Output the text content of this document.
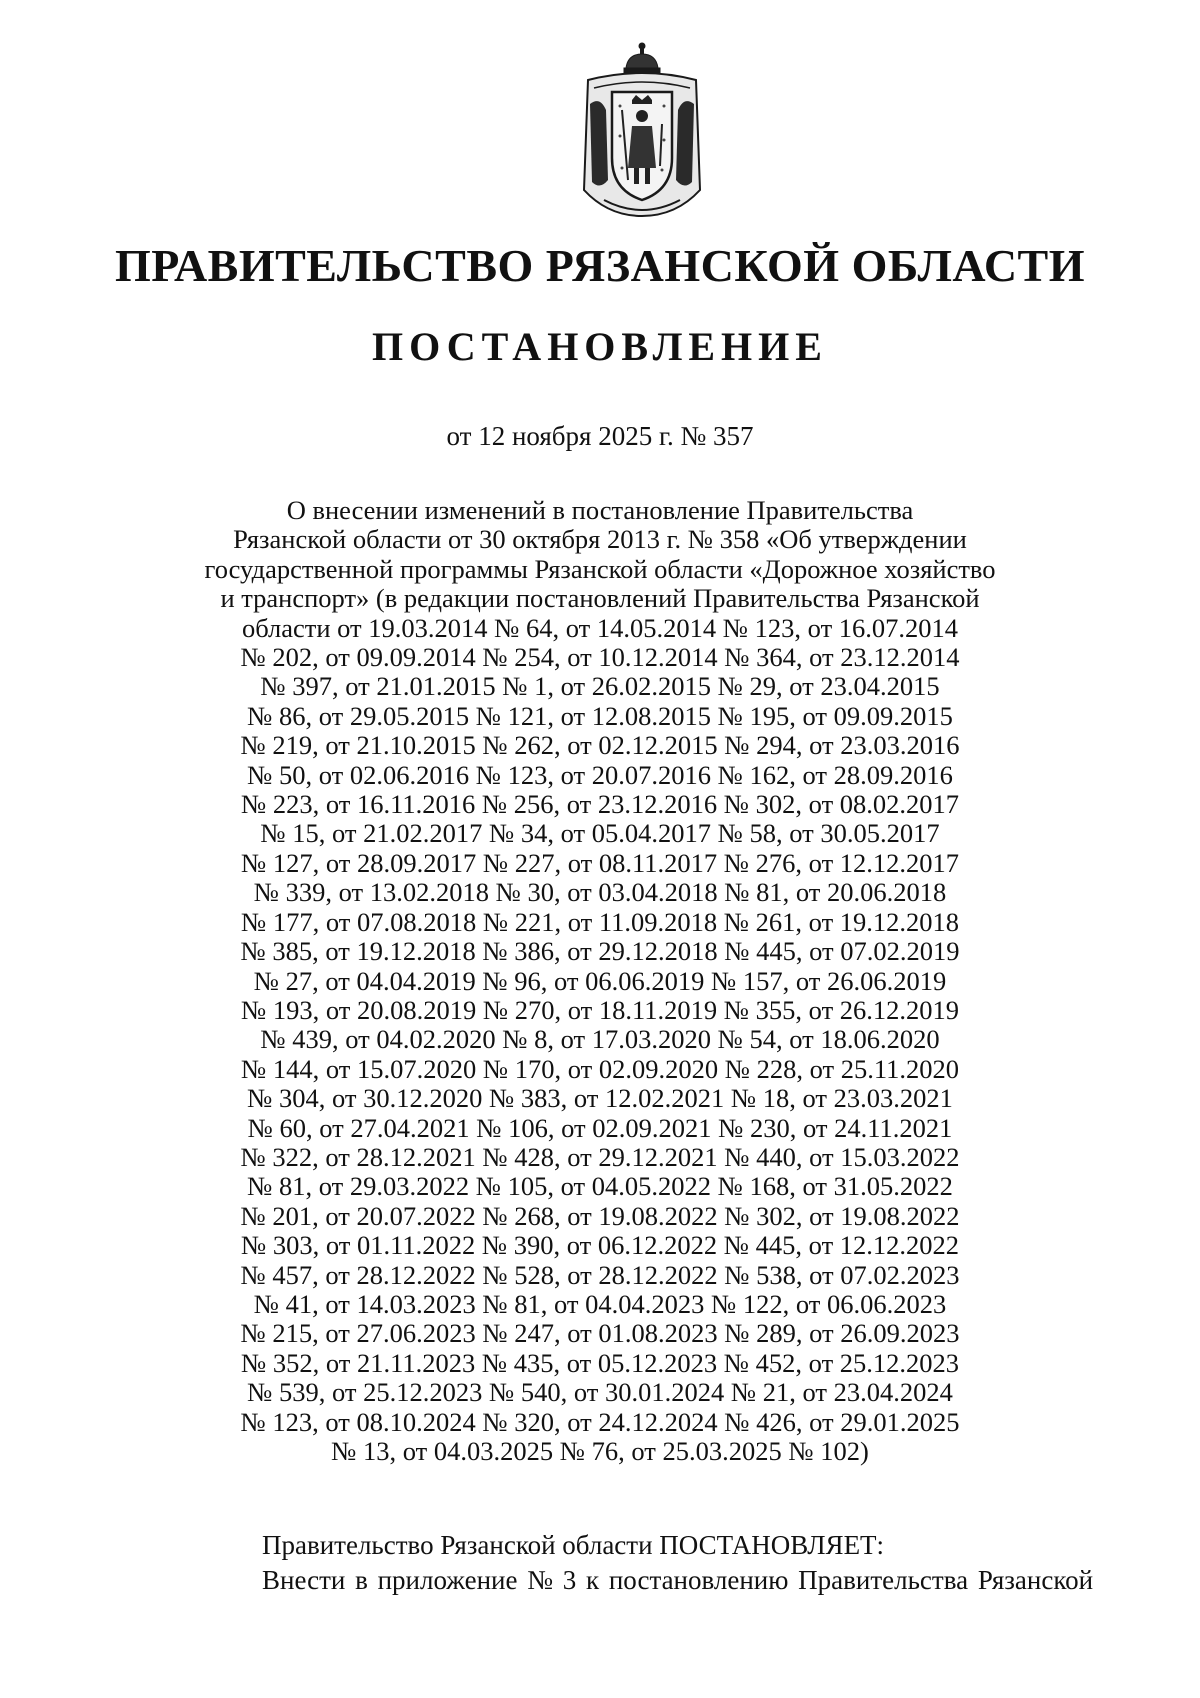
ПРАВИТЕЛЬСТВО РЯЗАНСКОЙ ОБЛАСТИ
ПОСТАНОВЛЕНИЕ
от 12 ноября 2025 г. № 357
О внесении изменений в постановление Правительства
Рязанской области от 30 октября 2013 г. № 358 «Об утверждении
государственной программы Рязанской области «Дорожное хозяйство
и транспорт» (в редакции постановлений Правительства Рязанской
области от 19.03.2014 № 64, от 14.05.2014 № 123, от 16.07.2014
№ 202, от 09.09.2014 № 254, от 10.12.2014 № 364, от 23.12.2014
№ 397, от 21.01.2015 № 1, от 26.02.2015 № 29, от 23.04.2015
№ 86, от 29.05.2015 № 121, от 12.08.2015 № 195, от 09.09.2015
№ 219, от 21.10.2015 № 262, от 02.12.2015 № 294, от 23.03.2016
№ 50, от 02.06.2016 № 123, от 20.07.2016 № 162, от 28.09.2016
№ 223, от 16.11.2016 № 256, от 23.12.2016 № 302, от 08.02.2017
№ 15, от 21.02.2017 № 34, от 05.04.2017 № 58, от 30.05.2017
№ 127, от 28.09.2017 № 227, от 08.11.2017 № 276, от 12.12.2017
№ 339, от 13.02.2018 № 30, от 03.04.2018 № 81, от 20.06.2018
№ 177, от 07.08.2018 № 221, от 11.09.2018 № 261, от 19.12.2018
№ 385, от 19.12.2018 № 386, от 29.12.2018 № 445, от 07.02.2019
№ 27, от 04.04.2019 № 96, от 06.06.2019 № 157, от 26.06.2019
№ 193, от 20.08.2019 № 270, от 18.11.2019 № 355, от 26.12.2019
№ 439, от 04.02.2020 № 8, от 17.03.2020 № 54, от 18.06.2020
№ 144, от 15.07.2020 № 170, от 02.09.2020 № 228, от 25.11.2020
№ 304, от 30.12.2020 № 383, от 12.02.2021 № 18, от 23.03.2021
№ 60, от 27.04.2021 № 106, от 02.09.2021 № 230, от 24.11.2021
№ 322, от 28.12.2021 № 428, от 29.12.2021 № 440, от 15.03.2022
№ 81, от 29.03.2022 № 105, от 04.05.2022 № 168, от 31.05.2022
№ 201, от 20.07.2022 № 268, от 19.08.2022 № 302, от 19.08.2022
№ 303, от 01.11.2022 № 390, от 06.12.2022 № 445, от 12.12.2022
№ 457, от 28.12.2022 № 528, от 28.12.2022 № 538, от 07.02.2023
№ 41, от 14.03.2023 № 81, от 04.04.2023 № 122, от 06.06.2023
№ 215, от 27.06.2023 № 247, от 01.08.2023 № 289, от 26.09.2023
№ 352, от 21.11.2023 № 435, от 05.12.2023 № 452, от 25.12.2023
№ 539, от 25.12.2023 № 540, от 30.01.2024 № 21, от 23.04.2024
№ 123, от 08.10.2024 № 320, от 24.12.2024 № 426, от 29.01.2025
№ 13, от 04.03.2025 № 76, от 25.03.2025 № 102)
Правительство Рязанской области ПОСТАНОВЛЯЕТ:
Внести в приложение № 3 к постановлению Правительства Рязанской
